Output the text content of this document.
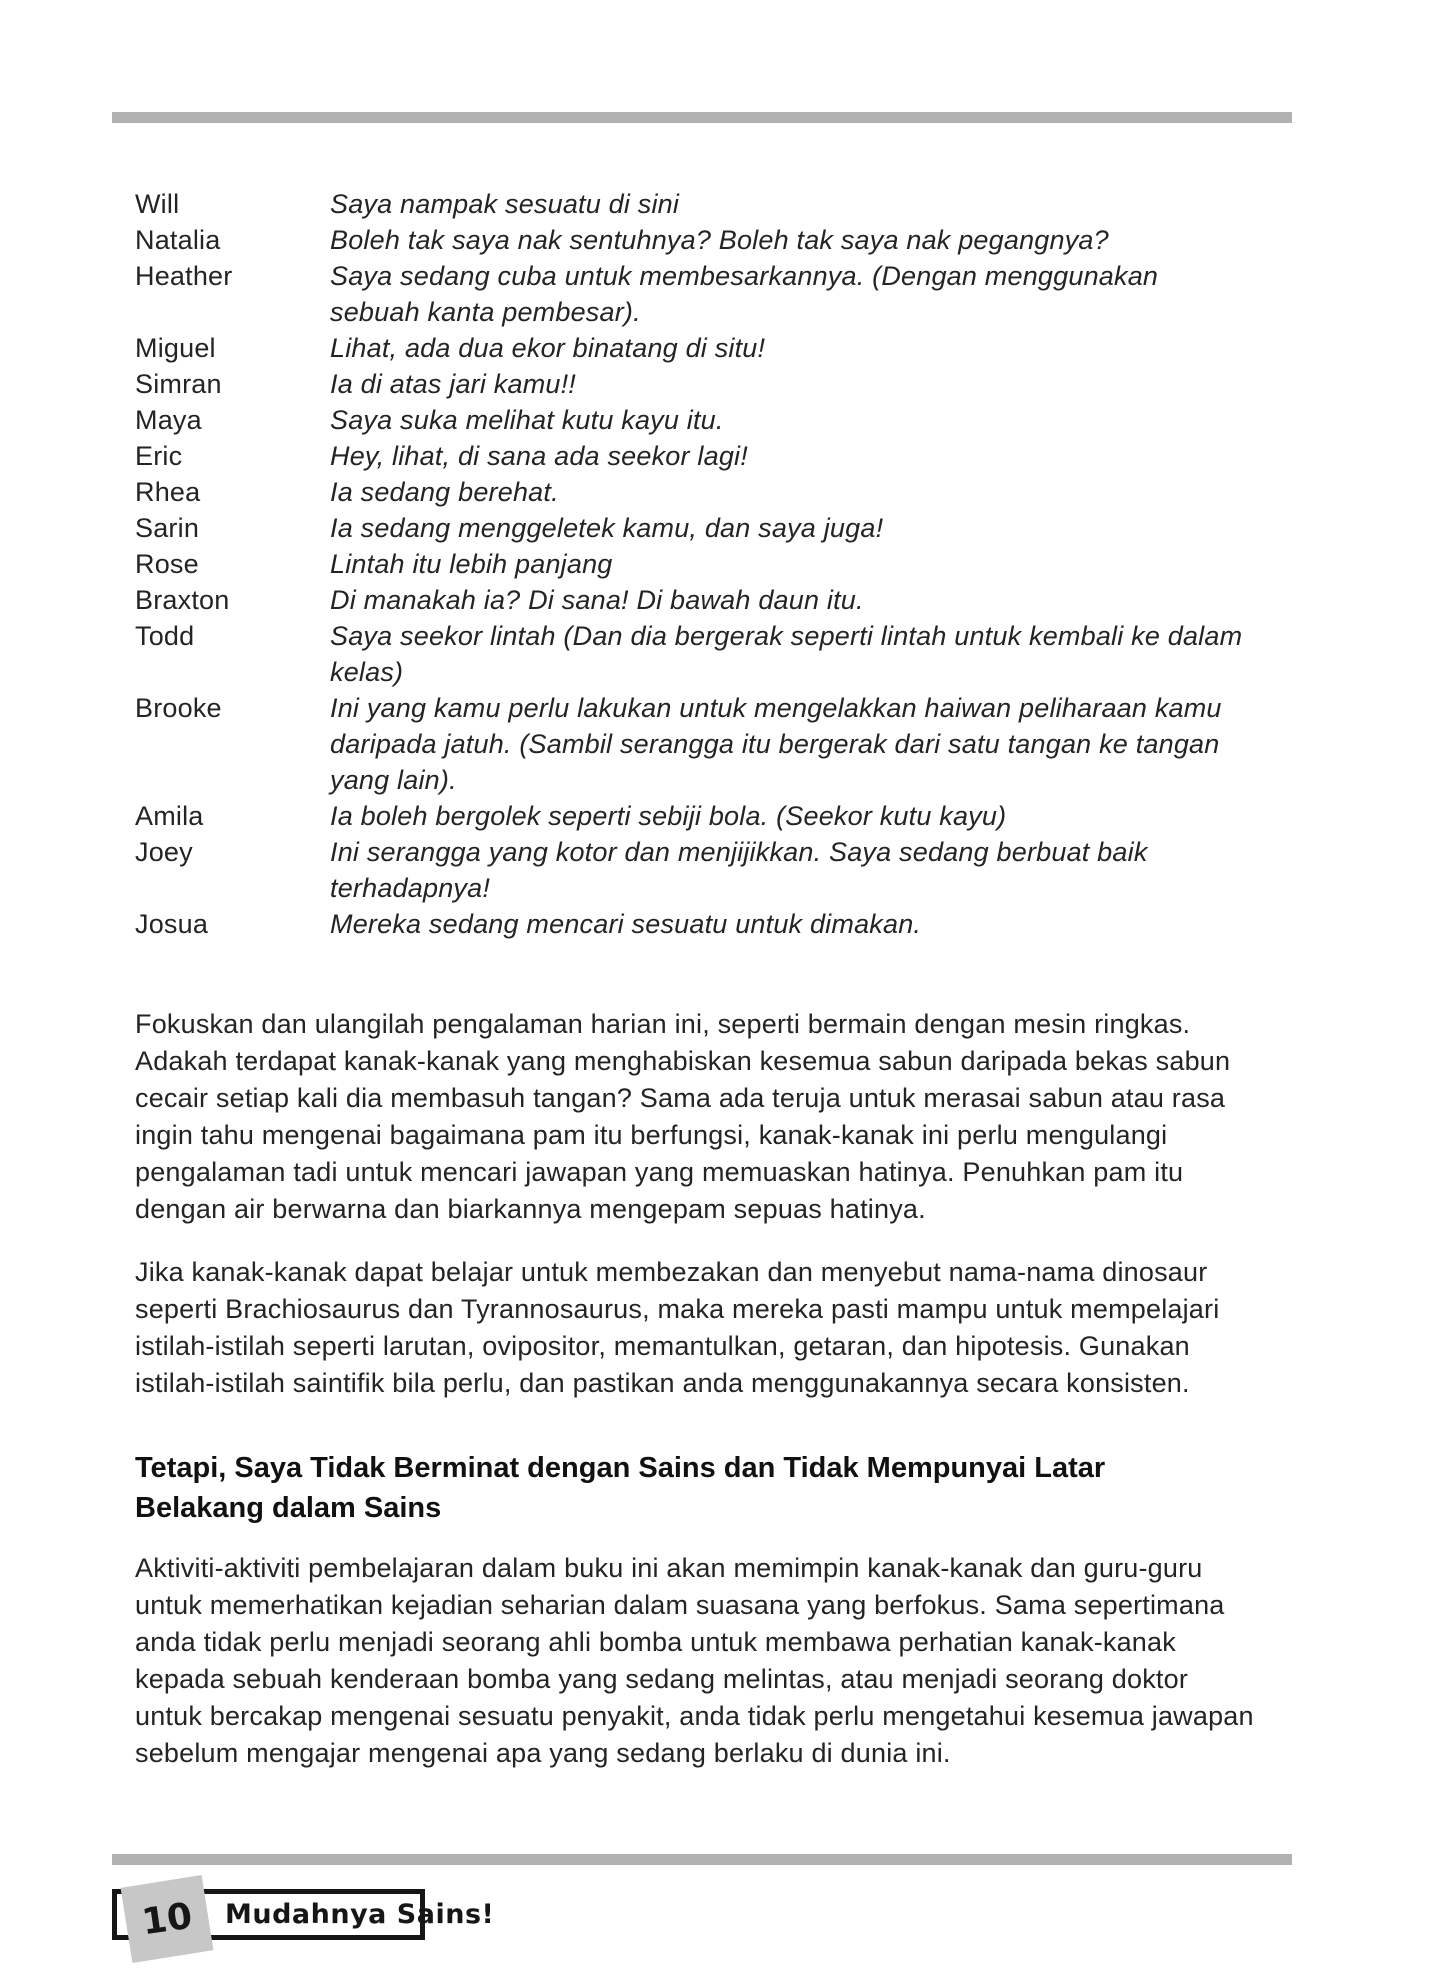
Will	Saya nampak sesuatu di sini
Natalia	Boleh tak saya nak sentuhnya? Boleh tak saya nak pegangnya?
Heather	Saya sedang cuba untuk membesarkannya. (Dengan menggunakan sebuah kanta pembesar).
Miguel	Lihat, ada dua ekor binatang di situ!
Simran	Ia di atas jari kamu!!
Maya	Saya suka melihat kutu kayu itu.
Eric	Hey, lihat, di sana ada seekor lagi!
Rhea	Ia sedang berehat.
Sarin	Ia sedang menggeletek kamu, dan saya juga!
Rose	Lintah itu lebih panjang
Braxton	Di manakah ia? Di sana! Di bawah daun itu.
Todd	Saya seekor lintah (Dan dia bergerak seperti lintah untuk kembali ke dalam kelas)
Brooke	Ini yang kamu perlu lakukan untuk mengelakkan haiwan peliharaan kamu daripada jatuh. (Sambil serangga itu bergerak dari satu tangan ke tangan yang lain).
Amila	Ia boleh bergolek seperti sebiji bola. (Seekor kutu kayu)
Joey	Ini serangga yang kotor dan menjijikkan. Saya sedang berbuat baik terhadapnya!
Josua	Mereka sedang mencari sesuatu untuk dimakan.

Fokuskan dan ulangilah pengalaman harian ini, seperti bermain dengan mesin ringkas. Adakah terdapat kanak-kanak yang menghabiskan kesemua sabun daripada bekas sabun cecair setiap kali dia membasuh tangan? Sama ada teruja untuk merasai sabun atau rasa ingin tahu mengenai bagaimana pam itu berfungsi, kanak-kanak ini perlu mengulangi pengalaman tadi untuk mencari jawapan yang memuaskan hatinya. Penuhkan pam itu dengan air berwarna dan biarkannya mengepam sepuas hatinya.

Jika kanak-kanak dapat belajar untuk membezakan dan menyebut nama-nama dinosaur seperti Brachiosaurus dan Tyrannosaurus, maka mereka pasti mampu untuk mempelajari istilah-istilah seperti larutan, ovipositor, memantulkan, getaran, dan hipotesis. Gunakan istilah-istilah saintifik bila perlu, dan pastikan anda menggunakannya secara konsisten.

Tetapi, Saya Tidak Berminat dengan Sains dan Tidak Mempunyai Latar Belakang dalam Sains

Aktiviti-aktiviti pembelajaran dalam buku ini akan memimpin kanak-kanak dan guru-guru untuk memerhatikan kejadian seharian dalam suasana yang berfokus. Sama sepertimana anda tidak perlu menjadi seorang ahli bomba untuk membawa perhatian kanak-kanak kepada sebuah kenderaan bomba yang sedang melintas, atau menjadi seorang doktor untuk bercakap mengenai sesuatu penyakit, anda tidak perlu mengetahui kesemua jawapan sebelum mengajar mengenai apa yang sedang berlaku di dunia ini.

10 Mudahnya Sains!
